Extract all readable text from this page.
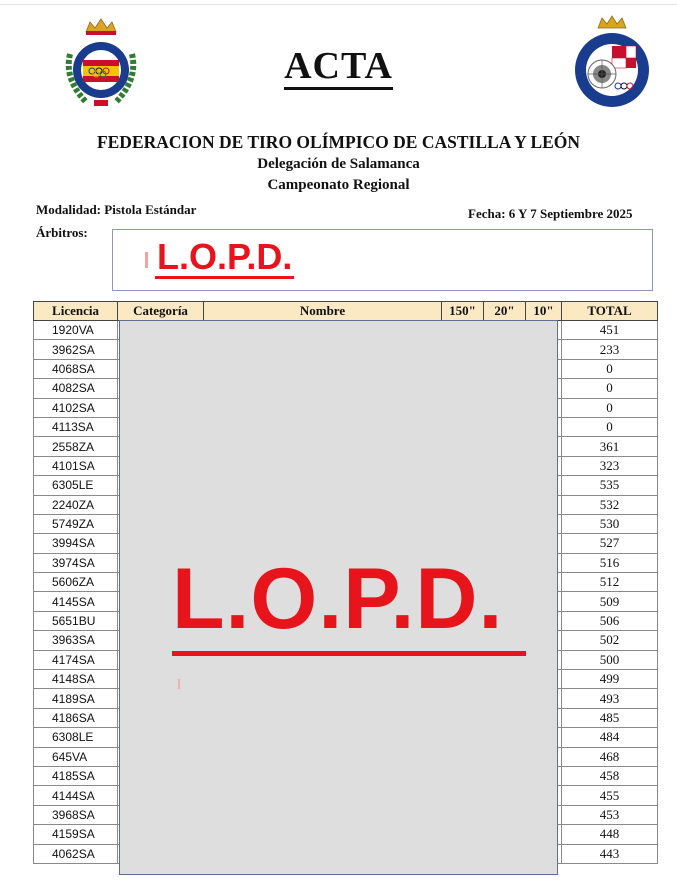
ACTA
FEDERACION DE TIRO OLÍMPICO DE CASTILLA Y LEÓN
Delegación de Salamanca
Campeonato Regional
Modalidad: Pistola Estándar	Fecha: 6 Y 7 Septiembre 2025
Árbitros:
L.O.P.D.
Licencia	Categoría	Nombre	150"	20"	10"	TOTAL
1920VA						451
3962SA						233
4068SA						0
4082SA						0
4102SA						0
4113SA						0
2558ZA						361
4101SA						323
6305LE						535
2240ZA						532
5749ZA						530
3994SA						527
3974SA						516
5606ZA						512
4145SA						509
5651BU						506
3963SA						502
4174SA						500
4148SA						499
4189SA						493
4186SA						485
6308LE						484
645VA						468
4185SA						458
4144SA						455
3968SA						453
4159SA						448
4062SA						443
L.O.P.D.
